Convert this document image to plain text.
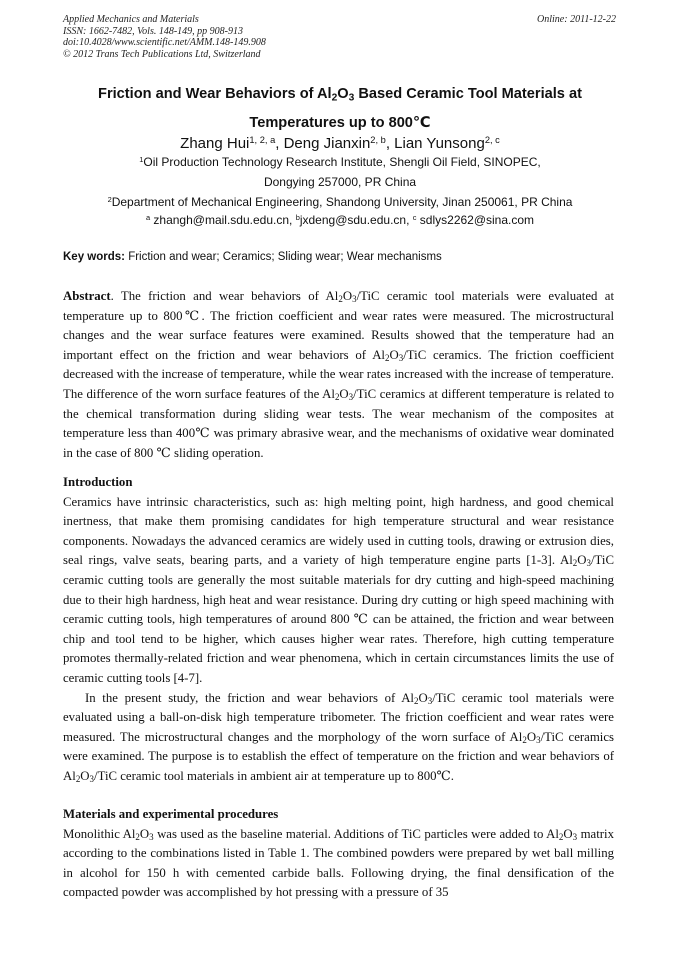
Applied Mechanics and Materials	Online: 2011-12-22
ISSN: 1662-7482, Vols. 148-149, pp 908-913
doi:10.4028/www.scientific.net/AMM.148-149.908
© 2012 Trans Tech Publications Ltd, Switzerland
Friction and Wear Behaviors of $Al_2O_3$ Based Ceramic Tool Materials at
Temperatures up to 800℃
Zhang Hui$^{1, 2, a}$, Deng Jianxin$^{2, b}$, Lian Yunsong$^{2, c}$
$^1$Oil Production Technology Research Institute, Shengli Oil Field, SINOPEC,
Dongying 257000, PR China
$^2$Department of Mechanical Engineering, Shandong University, Jinan 250061, PR China
$^a$ zhangh@mail.sdu.edu.cn, $^b$jxdeng@sdu.edu.cn, $^c$ sdlys2262@sina.com
Key words: Friction and wear; Ceramics; Sliding wear; Wear mechanisms

Abstract. The friction and wear behaviors of $Al_2O_3$/TiC ceramic tool materials were evaluated at temperature up to 800℃. The friction coefficient and wear rates were measured. The microstructural changes and the wear surface features were examined. Results showed that the temperature had an important effect on the friction and wear behaviors of $Al_2O_3$/TiC ceramics. The friction coefficient decreased with the increase of temperature, while the wear rates increased with the increase of temperature. The difference of the worn surface features of the $Al_2O_3$/TiC ceramics at different temperature is related to the chemical transformation during sliding wear tests. The wear mechanism of the composites at temperature less than 400℃ was primary abrasive wear, and the mechanisms of oxidative wear dominated in the case of 800 ℃ sliding operation.

Introduction

Ceramics have intrinsic characteristics, such as: high melting point, high hardness, and good chemical inertness, that make them promising candidates for high temperature structural and wear resistance components. Nowadays the advanced ceramics are widely used in cutting tools, drawing or extrusion dies, seal rings, valve seats, bearing parts, and a variety of high temperature engine parts [1-3]. $Al_2O_3$/TiC ceramic cutting tools are generally the most suitable materials for dry cutting and high-speed machining due to their high hardness, high heat and wear resistance. During dry cutting or high speed machining with ceramic cutting tools, high temperatures of around 800 ℃ can be attained, the friction and wear between chip and tool tend to be higher, which causes higher wear rates. Therefore, high cutting temperature promotes thermally-related friction and wear phenomena, which in certain circumstances limits the use of ceramic cutting tools [4-7].

In the present study, the friction and wear behaviors of $Al_2O_3$/TiC ceramic tool materials were evaluated using a ball-on-disk high temperature tribometer. The friction coefficient and wear rates were measured. The microstructural changes and the morphology of the worn surface of $Al_2O_3$/TiC ceramics were examined. The purpose is to establish the effect of temperature on the friction and wear behaviors of $Al_2O_3$/TiC ceramic tool materials in ambient air at temperature up to 800℃.

Materials and experimental procedures

Monolithic $Al_2O_3$ was used as the baseline material. Additions of TiC particles were added to $Al_2O_3$ matrix according to the combinations listed in Table 1. The combined powders were prepared by wet ball milling in alcohol for 150 h with cemented carbide balls. Following drying, the final densification of the compacted powder was accomplished by hot pressing with a pressure of 35
